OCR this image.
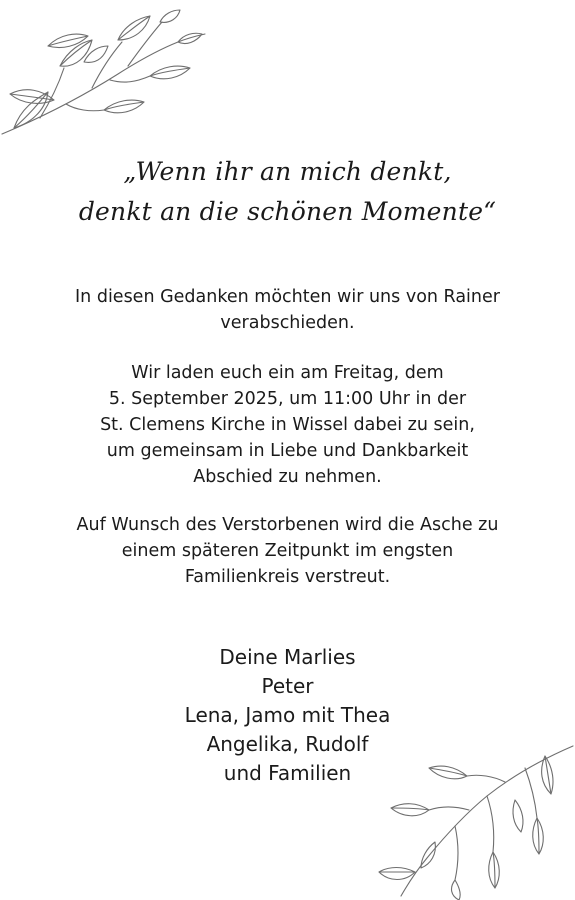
„Wenn ihr an mich denkt,
denkt an die schönen Momente“
In diesen Gedanken möchten wir uns von Rainer
verabschieden.
Wir laden euch ein am Freitag, dem
5. September 2025, um 11:00 Uhr in der
St. Clemens Kirche in Wissel dabei zu sein,
um gemeinsam in Liebe und Dankbarkeit
Abschied zu nehmen.
Auf Wunsch des Verstorbenen wird die Asche zu
einem späteren Zeitpunkt im engsten
Familienkreis verstreut.
Deine Marlies
Peter
Lena, Jamo mit Thea
Angelika, Rudolf
und Familien
